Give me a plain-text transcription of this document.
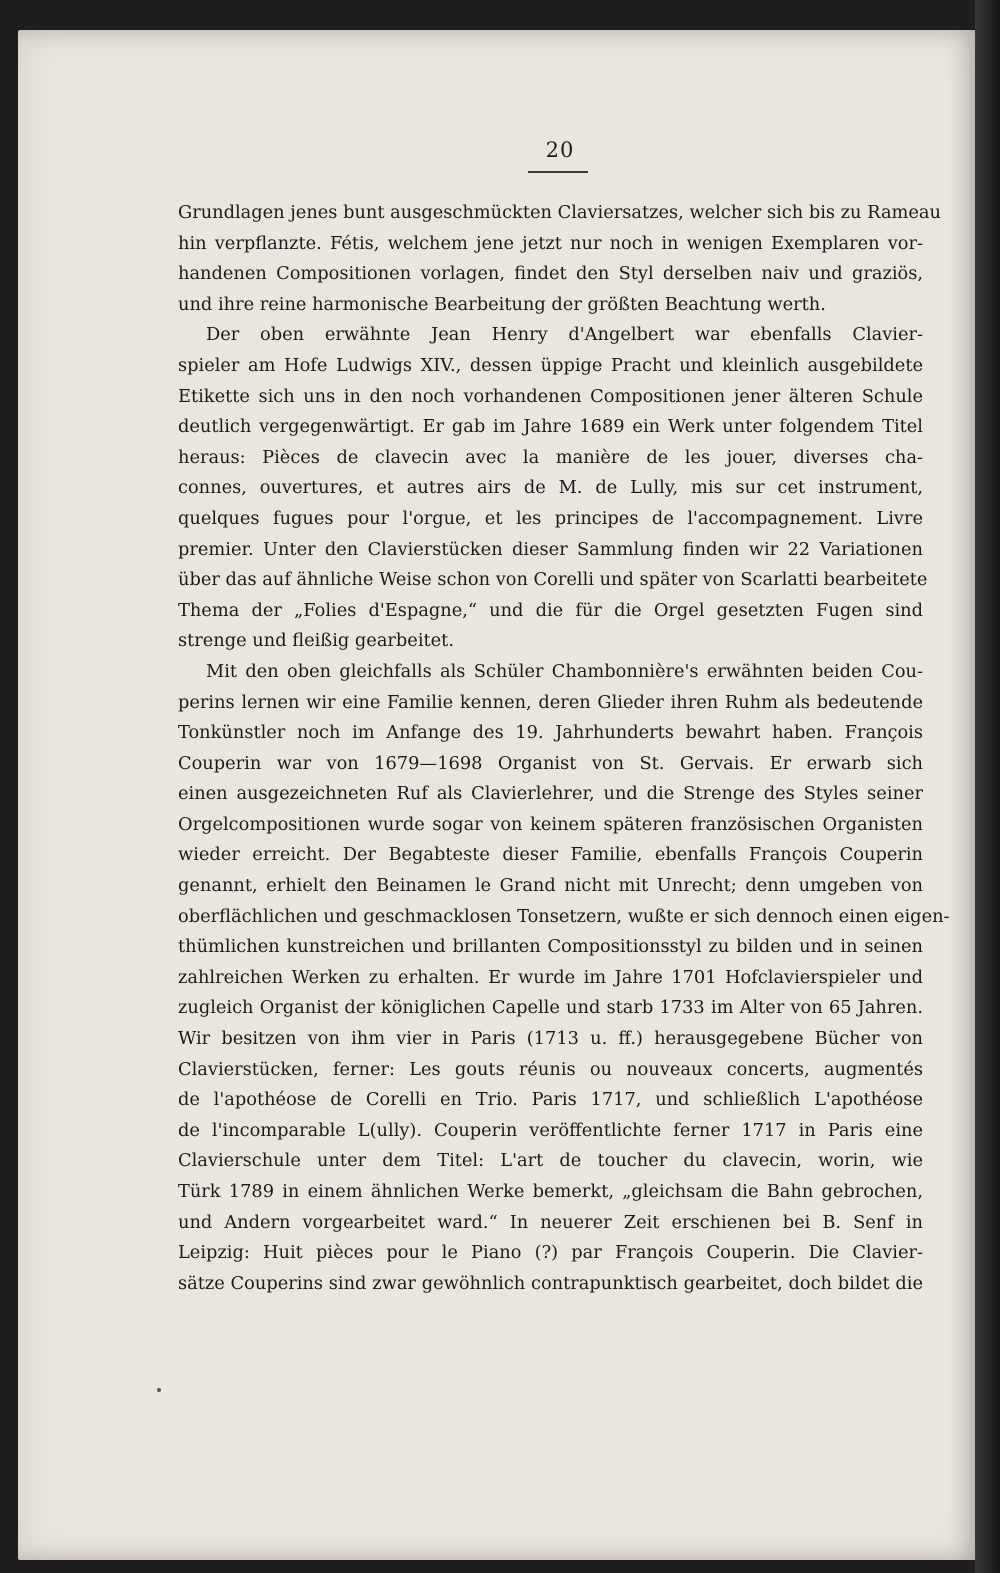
20
Grundlagen jenes bunt ausgeschmückten Claviersatzes, welcher sich bis zu Rameau
hin verpflanzte. Fétis, welchem jene jetzt nur noch in wenigen Exemplaren vor-
handenen Compositionen vorlagen, findet den Styl derselben naiv und graziös,
und ihre reine harmonische Bearbeitung der größten Beachtung werth.
Der oben erwähnte Jean Henry d'Angelbert war ebenfalls Clavier-
spieler am Hofe Ludwigs XIV., dessen üppige Pracht und kleinlich ausgebildete
Etikette sich uns in den noch vorhandenen Compositionen jener älteren Schule
deutlich vergegenwärtigt. Er gab im Jahre 1689 ein Werk unter folgendem Titel
heraus: Pièces de clavecin avec la manière de les jouer, diverses cha-
connes, ouvertures, et autres airs de M. de Lully, mis sur cet instrument,
quelques fugues pour l'orgue, et les principes de l'accompagnement. Livre
premier. Unter den Clavierstücken dieser Sammlung finden wir 22 Variationen
über das auf ähnliche Weise schon von Corelli und später von Scarlatti bearbeitete
Thema der „Folies d'Espagne,“ und die für die Orgel gesetzten Fugen sind
strenge und fleißig gearbeitet.
Mit den oben gleichfalls als Schüler Chambonnière's erwähnten beiden Cou-
perins lernen wir eine Familie kennen, deren Glieder ihren Ruhm als bedeutende
Tonkünstler noch im Anfange des 19. Jahrhunderts bewahrt haben. François
Couperin war von 1679—1698 Organist von St. Gervais. Er erwarb sich
einen ausgezeichneten Ruf als Clavierlehrer, und die Strenge des Styles seiner
Orgelcompositionen wurde sogar von keinem späteren französischen Organisten
wieder erreicht. Der Begabteste dieser Familie, ebenfalls François Couperin
genannt, erhielt den Beinamen le Grand nicht mit Unrecht; denn umgeben von
oberflächlichen und geschmacklosen Tonsetzern, wußte er sich dennoch einen eigen-
thümlichen kunstreichen und brillanten Compositionsstyl zu bilden und in seinen
zahlreichen Werken zu erhalten. Er wurde im Jahre 1701 Hofclavierspieler und
zugleich Organist der königlichen Capelle und starb 1733 im Alter von 65 Jahren.
Wir besitzen von ihm vier in Paris (1713 u. ff.) herausgegebene Bücher von
Clavierstücken, ferner: Les gouts réunis ou nouveaux concerts, augmentés
de l'apothéose de Corelli en Trio. Paris 1717, und schließlich L'apothéose
de l'incomparable L(ully). Couperin veröffentlichte ferner 1717 in Paris eine
Clavierschule unter dem Titel: L'art de toucher du clavecin, worin, wie
Türk 1789 in einem ähnlichen Werke bemerkt, „gleichsam die Bahn gebrochen,
und Andern vorgearbeitet ward.“ In neuerer Zeit erschienen bei B. Senf in
Leipzig: Huit pièces pour le Piano (?) par François Couperin. Die Clavier-
sätze Couperins sind zwar gewöhnlich contrapunktisch gearbeitet, doch bildet die
